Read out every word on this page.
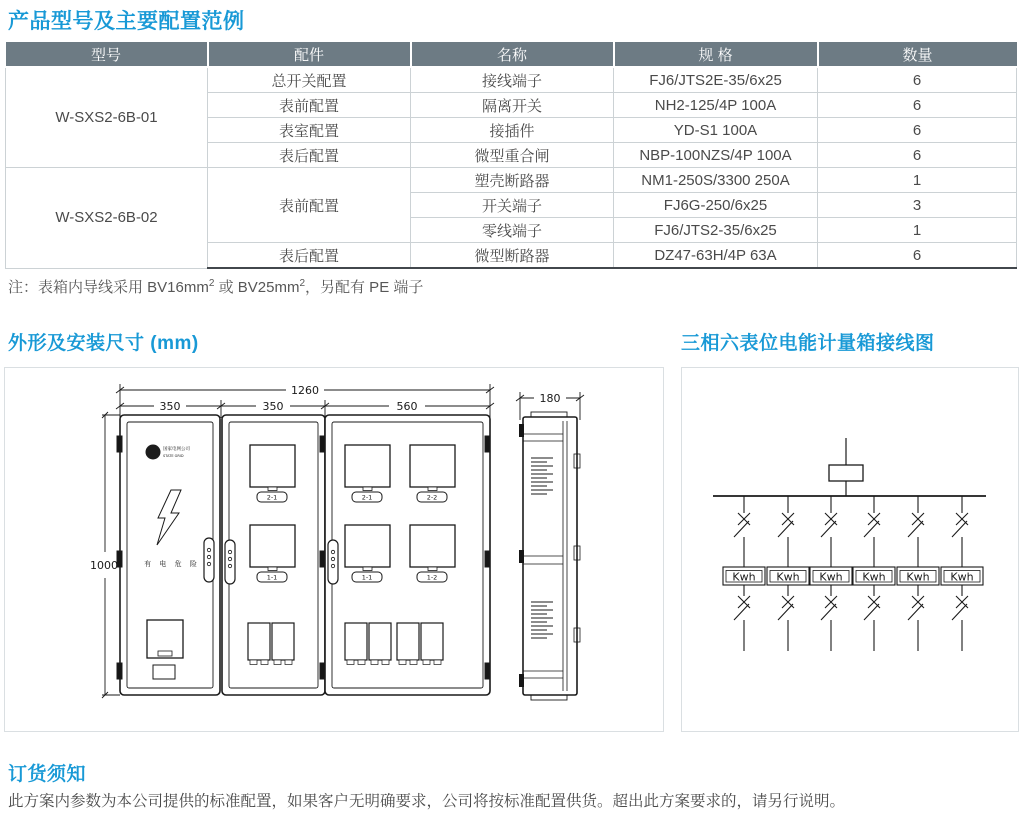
产品型号及主要配置范例
型号	配件	名称	规 格	数量
W-SXS2-6B-01	总开关配置	接线端子	FJ6/JTS2E-35/6x25	6
	表前配置	隔离开关	NH2-125/4P 100A	6
	表室配置	接插件	YD-S1 100A	6
	表后配置	微型重合闸	NBP-100NZS/4P 100A	6
W-SXS2-6B-02	表前配置	塑壳断路器	NM1-250S/3300 250A	1
		开关端子	FJ6G-250/6x25	3
		零线端子	FJ6/JTS2-35/6x25	1
	表后配置	微型断路器	DZ47-63H/4P 63A	6
注：表箱内导线采用 $BV16mm^2$ 或 $BV25mm^2$，另配有 PE 端子
外形及安装尺寸 (mm)	三相六表位电能计量箱接线图
1260
350	350	560
1000
180
国家电网公司
STATE GRID
有 电 危 险
2-1
1-1
2-1	2-2
1-1	1-2	Kwh Kwh Kwh Kwh Kwh Kwh
订货须知
此方案内参数为本公司提供的标准配置，如果客户无明确要求，公司将按标准配置供货。超出此方案要求的，请另行说明。
